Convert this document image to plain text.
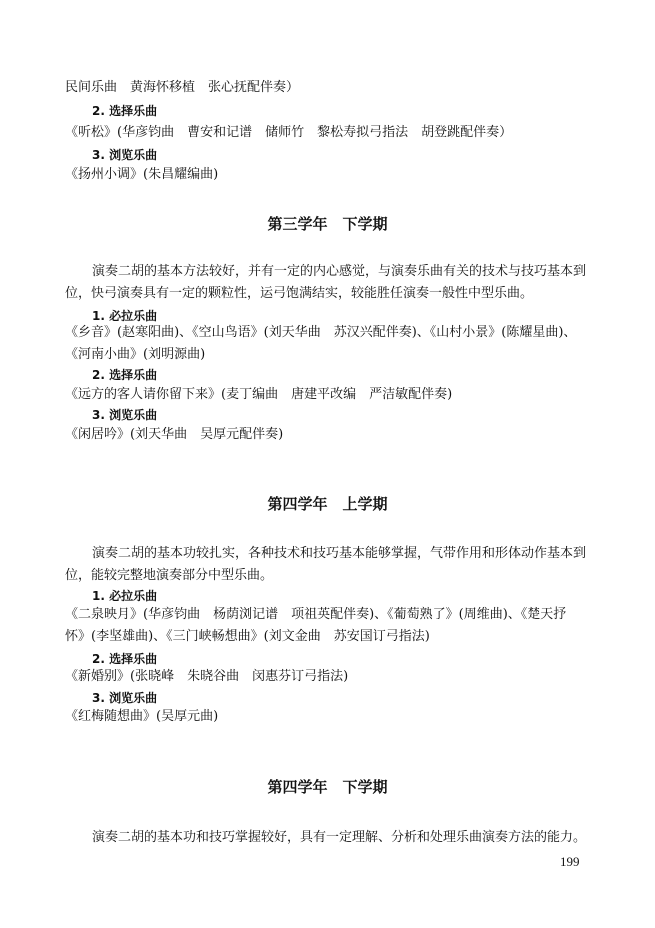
民间乐曲　黄海怀移植　张心抚配伴奏）
2. 选择乐曲
《听松》(华彦钧曲　曹安和记谱　储师竹　黎松寿拟弓指法　胡登跳配伴奏）
3. 浏览乐曲
《扬州小调》(朱昌耀编曲)
第三学年　下学期
演奏二胡的基本方法较好，并有一定的内心感觉，与演奏乐曲有关的技术与技巧基本到
位，快弓演奏具有一定的颗粒性，运弓饱满结实，较能胜任演奏一般性中型乐曲。
1. 必拉乐曲
《乡音》(赵寒阳曲)、《空山鸟语》(刘天华曲　苏汉兴配伴奏)、《山村小景》(陈耀星曲)、
《河南小曲》(刘明源曲)
2. 选择乐曲
《远方的客人请你留下来》(麦丁编曲　唐建平改编　严洁敏配伴奏)
3. 浏览乐曲
《闲居吟》(刘天华曲　吴厚元配伴奏)
第四学年　上学期
演奏二胡的基本功较扎实，各种技术和技巧基本能够掌握，气带作用和形体动作基本到
位，能较完整地演奏部分中型乐曲。
1. 必拉乐曲
《二泉映月》(华彦钧曲　杨荫浏记谱　项祖英配伴奏)、《葡萄熟了》(周维曲)、《楚天抒
怀》(李坚雄曲)、《三门峡畅想曲》(刘文金曲　苏安国订弓指法)
2. 选择乐曲
《新婚别》(张晓峰　朱晓谷曲　闵惠芬订弓指法)
3. 浏览乐曲
《红梅随想曲》(吴厚元曲)
第四学年　下学期
演奏二胡的基本功和技巧掌握较好，具有一定理解、分析和处理乐曲演奏方法的能力。
199
